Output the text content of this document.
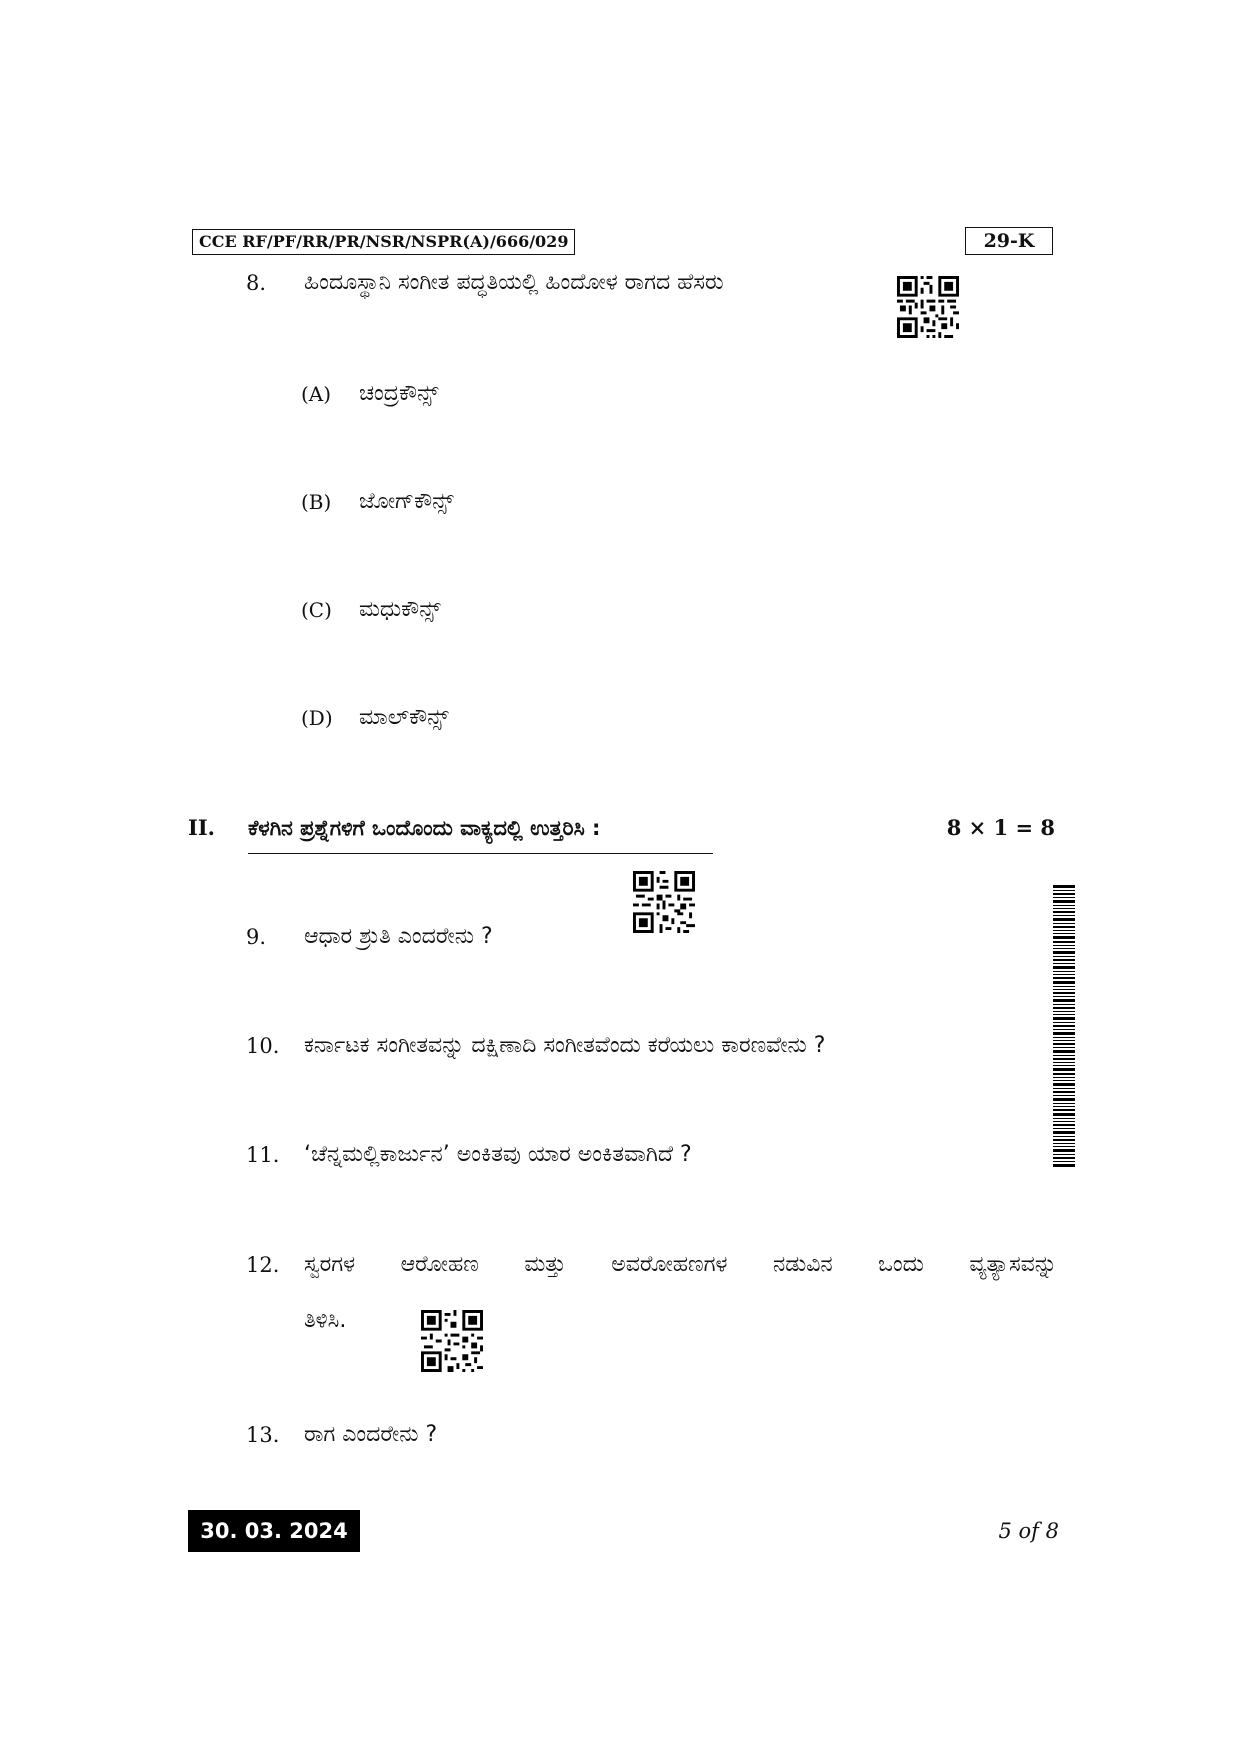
CCE RF/PF/RR/PR/NSR/NSPR(A)/666/029	29-K
8. ಹಿಂದೂಸ್ಥಾನಿ ಸಂಗೀತ ಪದ್ಧತಿಯಲ್ಲಿ ಹಿಂದೋಳ ರಾಗದ ಹೆಸರು
(A) ಚಂದ್ರಕೌನ್ಸ್
(B) ಜೋಗ್‌ಕೌನ್ಸ್
(C) ಮಧುಕೌನ್ಸ್
(D) ಮಾಲ್‌ಕೌನ್ಸ್
II. ಕೆಳಗಿನ ಪ್ರಶ್ನೆಗಳಿಗೆ ಒಂದೊಂದು ವಾಕ್ಯದಲ್ಲಿ ಉತ್ತರಿಸಿ :	8 × 1 = 8
9. ಆಧಾರ ಶ್ರುತಿ ಎಂದರೇನು ?
10. ಕರ್ನಾಟಕ ಸಂಗೀತವನ್ನು ದಕ್ಷಿಣಾದಿ ಸಂಗೀತವೆಂದು ಕರೆಯಲು ಕಾರಣವೇನು ?
11. ‘ಚೆನ್ನಮಲ್ಲಿಕಾರ್ಜುನ’ ಅಂಕಿತವು ಯಾರ ಅಂಕಿತವಾಗಿದೆ ?
12. ಸ್ವರಗಳ ಆರೋಹಣ ಮತ್ತು ಅವರೋಹಣಗಳ ನಡುವಿನ ಒಂದು ವ್ಯತ್ಯಾಸವನ್ನು
ತಿಳಿಸಿ.
13. ರಾಗ ಎಂದರೇನು ?
30. 03. 2024	5 of 8
